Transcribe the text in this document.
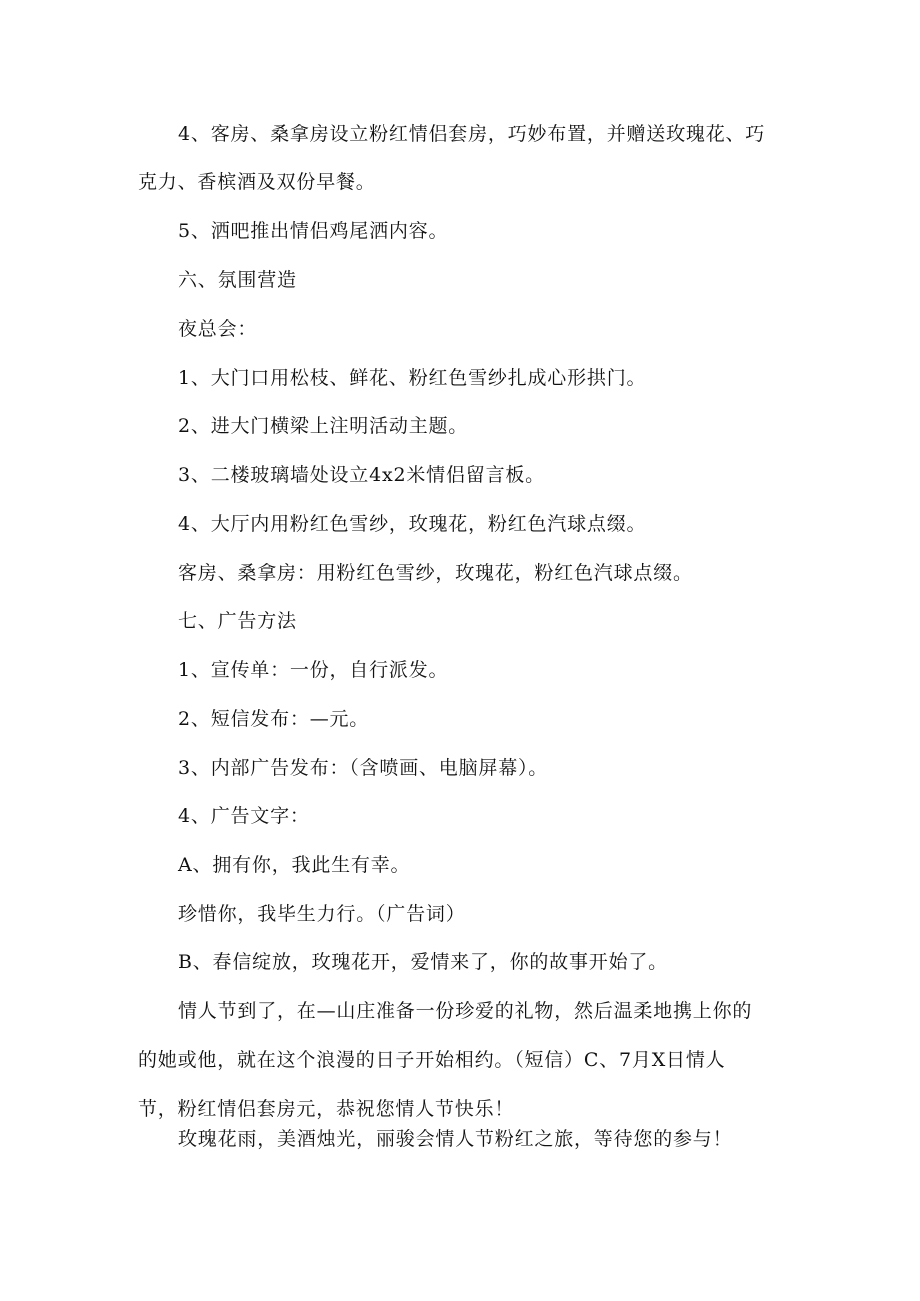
4、客房、桑拿房设立粉红情侣套房，巧妙布置，并赠送玫瑰花、巧
克力、香槟酒及双份早餐。
5、洒吧推出情侣鸡尾洒内容。
六、氛围营造
夜总会：
1、大门口用松枝、鲜花、粉红色雪纱扎成心形拱门。
2、进大门横梁上注明活动主题。
3、二楼玻璃墙处设立4x2米情侣留言板。
4、大厅内用粉红色雪纱，玫瑰花，粉红色汽球点缀。
客房、桑拿房：用粉红色雪纱，玫瑰花，粉红色汽球点缀。
七、广告方法
1、宣传单：一份，自行派发。
2、短信发布：—元。
3、内部广告发布：（含喷画、电脑屏幕）。
4、广告文字：
A、拥有你，我此生有幸。
珍惜你，我毕生力行。（广告词）
B、春信绽放，玫瑰花开，爱情来了，你的故事开始了。
情人节到了，在—山庄准备一份珍爱的礼物，然后温柔地携上你的
的她或他，就在这个浪漫的日子开始相约。（短信）C、7月X日情人
节，粉红情侣套房元，恭祝您情人节快乐！
玫瑰花雨，美酒烛光，丽骏会情人节粉红之旅，等待您的参与！
